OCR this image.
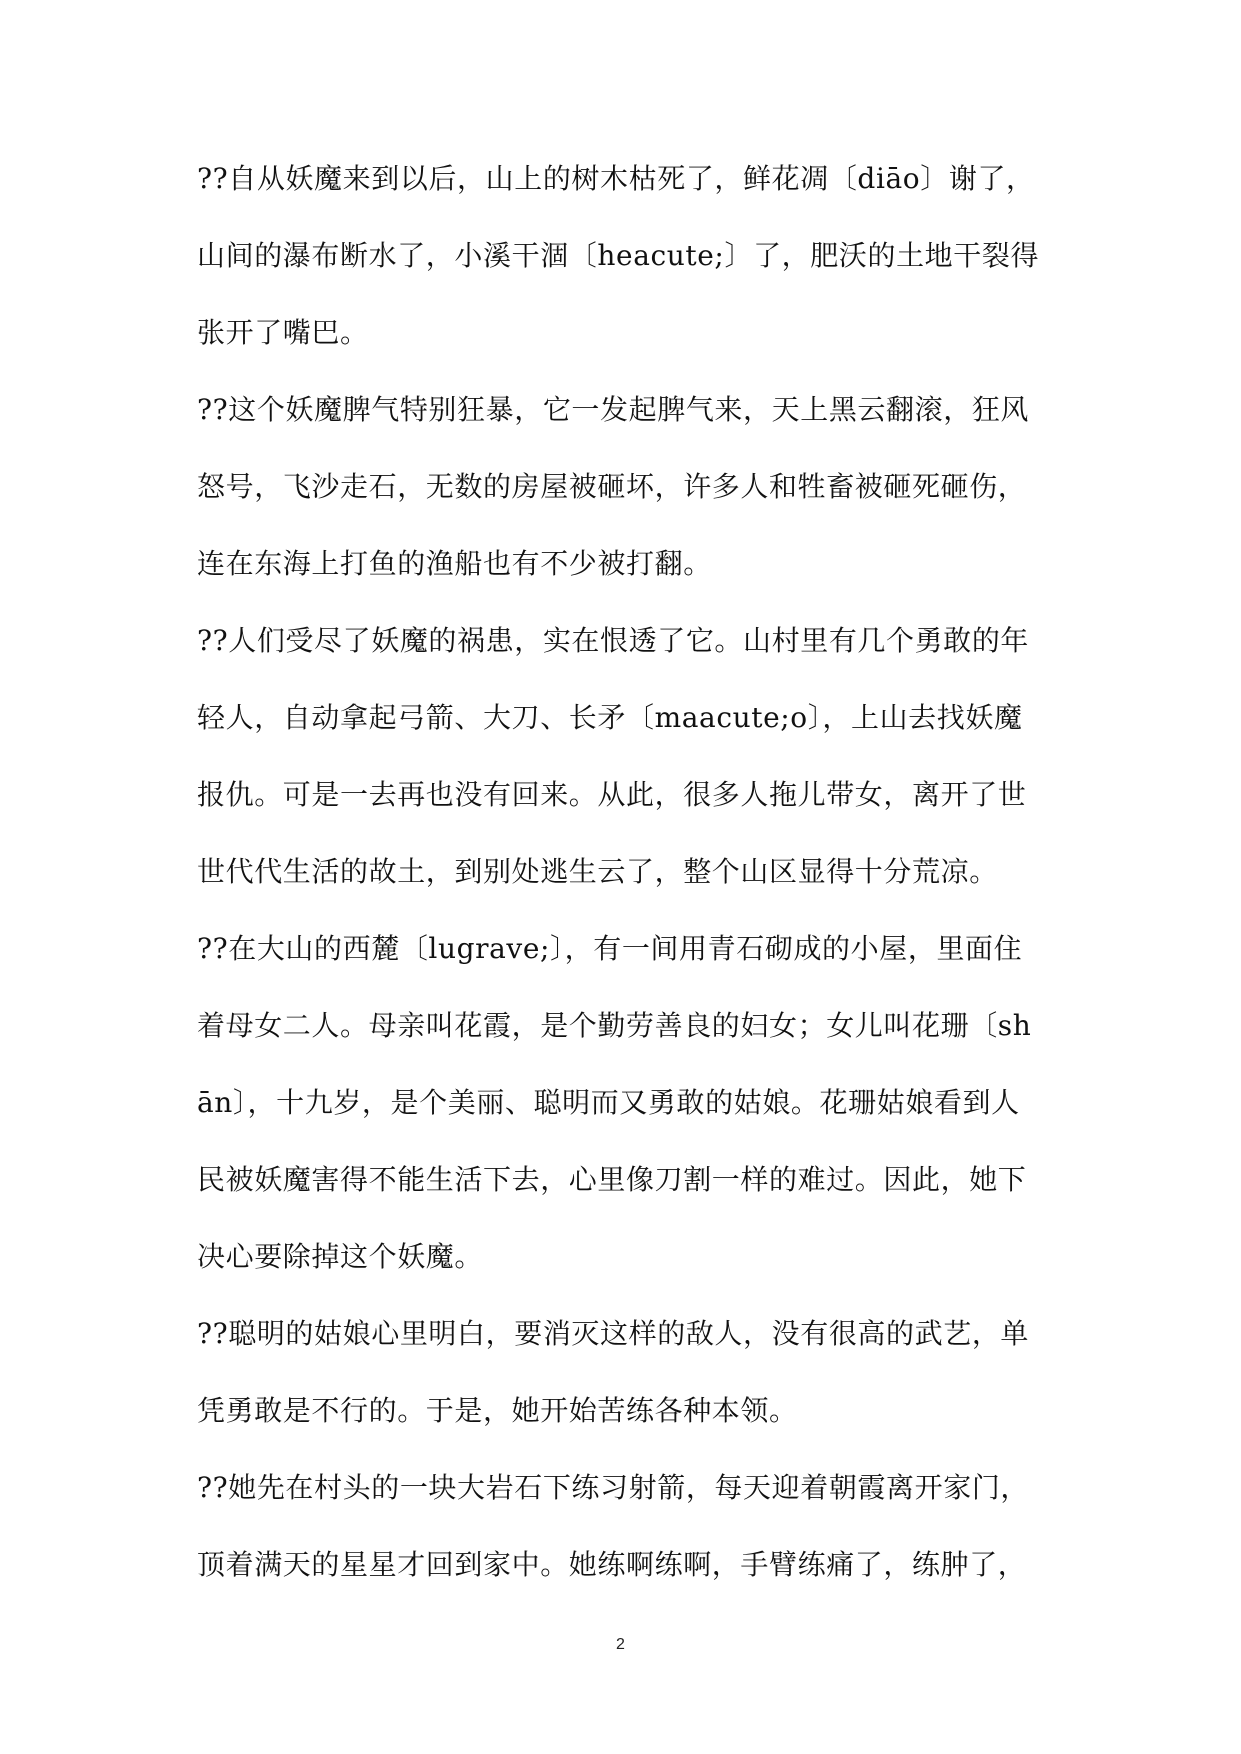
??自从妖魔来到以后，山上的树木枯死了，鲜花凋〔diāo〕谢了，
山间的瀑布断水了，小溪干涸〔heacute;〕了，肥沃的土地干裂得
张开了嘴巴。
??这个妖魔脾气特别狂暴，它一发起脾气来，天上黑云翻滚，狂风
怒号，飞沙走石，无数的房屋被砸坏，许多人和牲畜被砸死砸伤，
连在东海上打鱼的渔船也有不少被打翻。
??人们受尽了妖魔的祸患，实在恨透了它。山村里有几个勇敢的年
轻人，自动拿起弓箭、大刀、长矛〔maacute;o〕，上山去找妖魔
报仇。可是一去再也没有回来。从此，很多人拖儿带女，离开了世
世代代生活的故土，到别处逃生云了，整个山区显得十分荒凉。
??在大山的西麓〔lugrave;〕，有一间用青石砌成的小屋，里面住
着母女二人。母亲叫花霞，是个勤劳善良的妇女；女儿叫花珊〔sh
ān〕，十九岁，是个美丽、聪明而又勇敢的姑娘。花珊姑娘看到人
民被妖魔害得不能生活下去，心里像刀割一样的难过。因此，她下
决心要除掉这个妖魔。
??聪明的姑娘心里明白，要消灭这样的敌人，没有很高的武艺，单
凭勇敢是不行的。于是，她开始苦练各种本领。
??她先在村头的一块大岩石下练习射箭，每天迎着朝霞离开家门，
顶着满天的星星才回到家中。她练啊练啊，手臂练痛了，练肿了，
2
